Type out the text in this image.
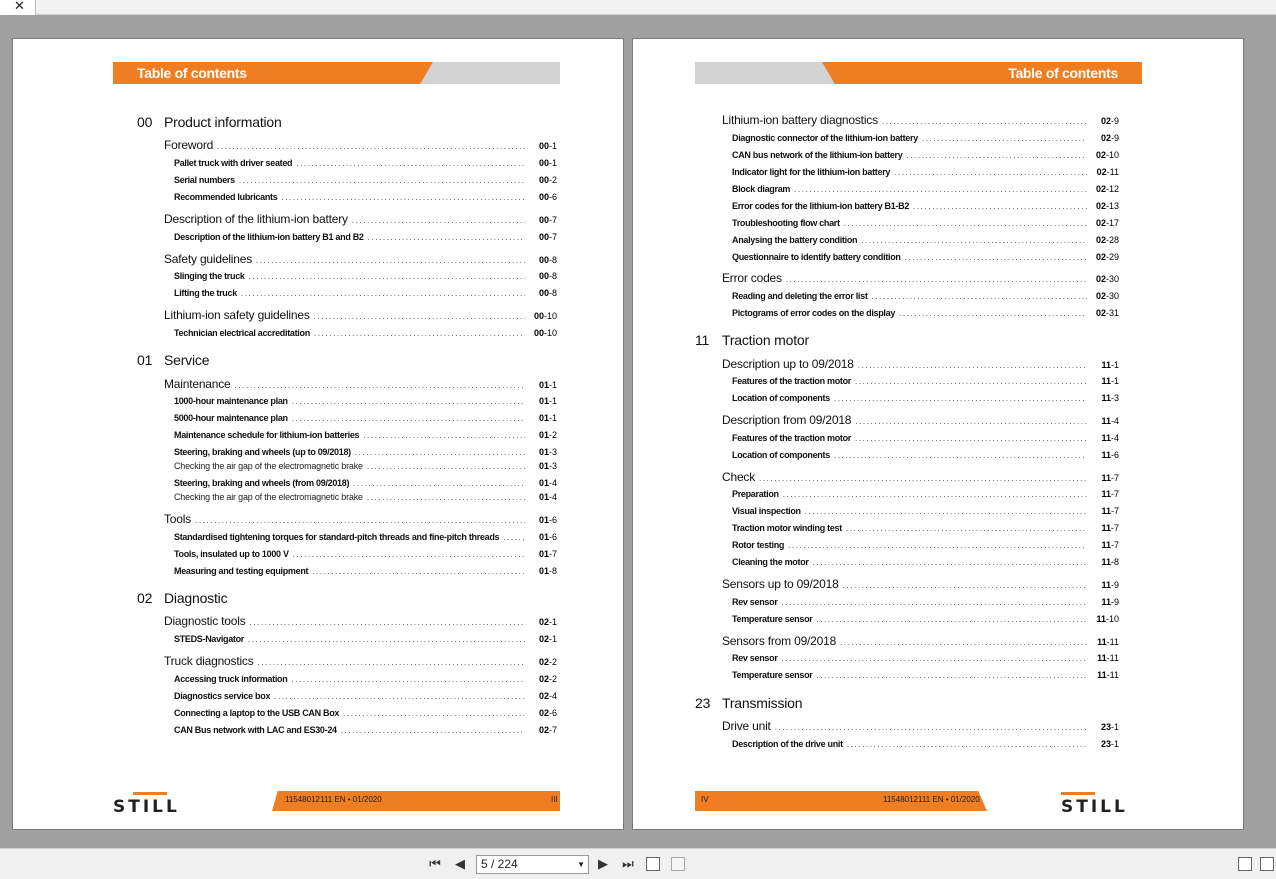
✕
Table of contents
00 Product information
Foreword .....	00-1
Pallet truck with driver seated .....	00-1
Serial numbers .....	00-2
Recommended lubricants .....	00-6
Description of the lithium-ion battery .....	00-7
Description of the lithium-ion battery B1 and B2 .....	00-7
Safety guidelines .....	00-8
Slinging the truck .....	00-8
Lifting the truck .....	00-8
Lithium-ion safety guidelines .....	00-10
Technician electrical accreditation .....	00-10
01 Service
Maintenance .....	01-1
1000-hour maintenance plan .....	01-1
5000-hour maintenance plan .....	01-1
Maintenance schedule for lithium-ion batteries .....	01-2
Steering, braking and wheels (up to 09/2018) .....	01-3
Checking the air gap of the electromagnetic brake .....	01-3
Steering, braking and wheels (from 09/2018) .....	01-4
Checking the air gap of the electromagnetic brake .....	01-4
Tools .....	01-6
Standardised tightening torques for standard-pitch threads and fine-pitch threads .....	01-6
Tools, insulated up to 1000 V .....	01-7
Measuring and testing equipment .....	01-8
02 Diagnostic
Diagnostic tools .....	02-1
STEDS-Navigator .....	02-1
Truck diagnostics .....	02-2
Accessing truck information .....	02-2
Diagnostics service box .....	02-4
Connecting a laptop to the USB CAN Box .....	02-6
CAN Bus network with LAC and ES30-24 .....	02-7
11548012111 EN • 01/2020	III
STILL
Table of contents
Lithium-ion battery diagnostics .....	02-9
Diagnostic connector of the lithium-ion battery .....	02-9
CAN bus network of the lithium-ion battery .....	02-10
Indicator light for the lithium-ion battery .....	02-11
Block diagram .....	02-12
Error codes for the lithium-ion battery B1-B2 .....	02-13
Troubleshooting flow chart .....	02-17
Analysing the battery condition .....	02-28
Questionnaire to identify battery condition .....	02-29
Error codes .....	02-30
Reading and deleting the error list .....	02-30
Pictograms of error codes on the display .....	02-31
11 Traction motor
Description up to 09/2018 .....	11-1
Features of the traction motor .....	11-1
Location of components .....	11-3
Description from 09/2018 .....	11-4
Features of the traction motor .....	11-4
Location of components .....	11-6
Check .....	11-7
Preparation .....	11-7
Visual inspection .....	11-7
Traction motor winding test .....	11-7
Rotor testing .....	11-7
Cleaning the motor .....	11-8
Sensors up to 09/2018 .....	11-9
Rev sensor .....	11-9
Temperature sensor .....	11-10
Sensors from 09/2018 .....	11-11
Rev sensor .....	11-11
Temperature sensor .....	11-11
23 Transmission
Drive unit .....	23-1
Description of the drive unit .....	23-1
IV	11548012111 EN • 01/2020	STILL
⏮ ◀	5 / 224	▼ ▶ ⏭
